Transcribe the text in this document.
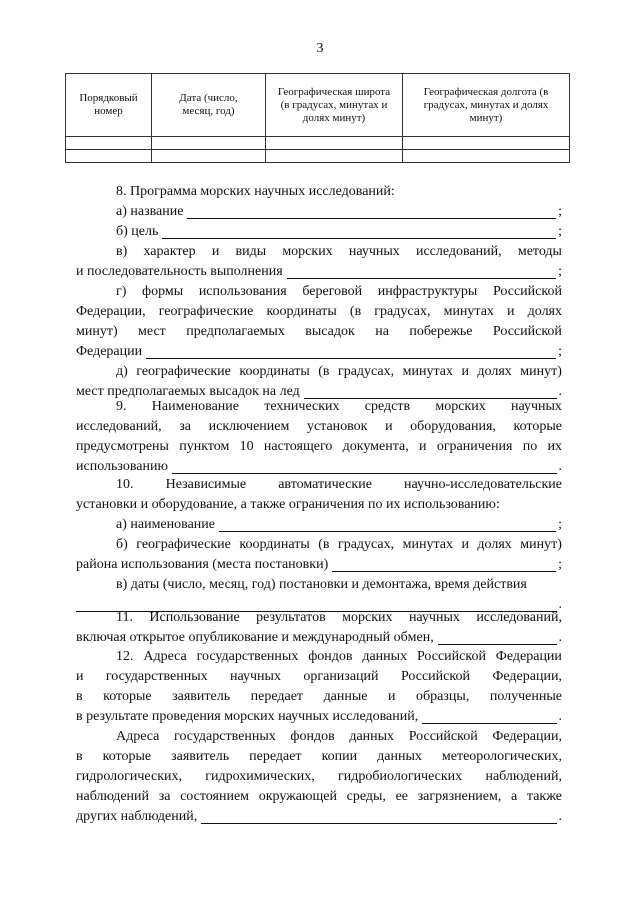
3
Порядковый номер	Дата (число, месяц, год)	Географическая широта (в градусах, минутах и долях минут)	Географическая долгота (в градусах, минутах и долях минут)

8. Программа морских научных исследований:
а) название	;
б) цель	;
в) характер и виды морских научных исследований, методы
и последовательность выполнения	;
г) формы использования береговой инфраструктуры Российской
Федерации, географические координаты (в градусах, минутах и долях
минут) мест предполагаемых высадок на побережье Российской
Федерации	;
д) географические координаты (в градусах, минутах и долях минут)
мест предполагаемых высадок на лед	.
9. Наименование технических средств морских научных
исследований, за исключением установок и оборудования, которые
предусмотрены пунктом 10 настоящего документа, и ограничения по их
использованию	.
10. Независимые автоматические научно-исследовательские
установки и оборудование, а также ограничения по их использованию:
а) наименование	;
б) географические координаты (в градусах, минутах и долях минут)
района использования (места постановки)	;
в) даты (число, месяц, год) постановки и демонтажа, время действия
.
11. Использование результатов морских научных исследований,
включая открытое опубликование и международный обмен,	.
12. Адреса государственных фондов данных Российской Федерации
и государственных научных организаций Российской Федерации,
в которые заявитель передает данные и образцы, полученные
в результате проведения морских научных исследований,	.
Адреса государственных фондов данных Российской Федерации,
в которые заявитель передает копии данных метеорологических,
гидрологических, гидрохимических, гидробиологических наблюдений,
наблюдений за состоянием окружающей среды, ее загрязнением, а также
других наблюдений,	.
